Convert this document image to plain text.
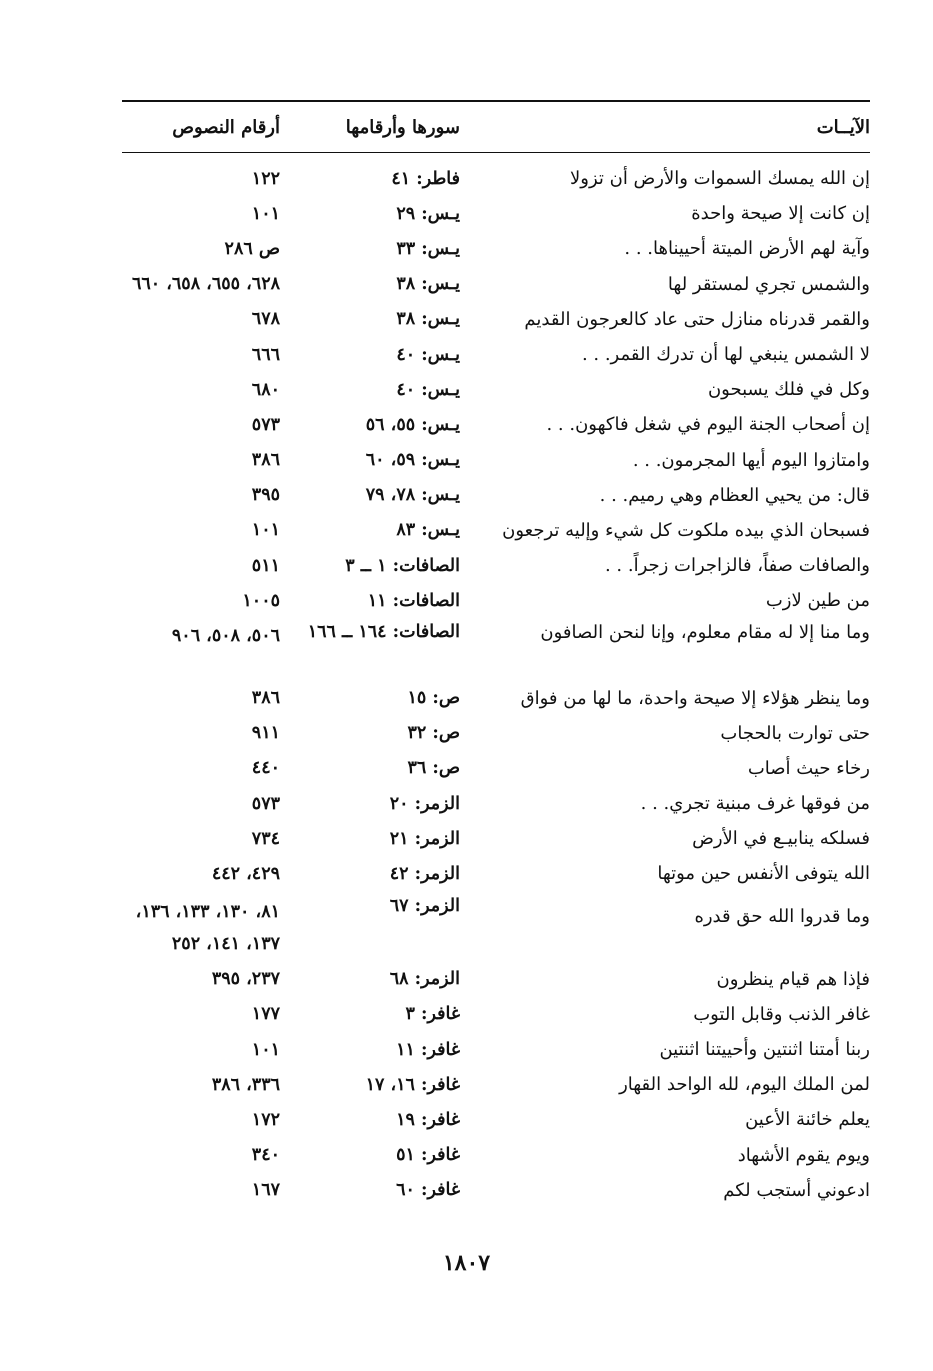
الآيــات
سورها وأرقامها
أرقام النصوص
إن الله يمسك السموات والأرض أن تزولا
فاطر: ٤١
١٢٢
إن كانت إلا صيحة واحدة
يـس: ٢٩
١٠١
وآية لهم الأرض الميتة أحييناها. . .
يـس: ٣٣
ص ٢٨٦
والشمس تجري لمستقر لها
يـس: ٣٨
٦٢٨، ٦٥٥، ٦٥٨، ٦٦٠
والقمر قدرناه منازل حتى عاد كالعرجون القديم
يـس: ٣٨
٦٧٨
لا الشمس ينبغي لها أن تدرك القمر. . .
يـس: ٤٠
٦٦٦
وكل في فلك يسبحون
يـس: ٤٠
٦٨٠
إن أصحاب الجنة اليوم في شغل فاكهون. . .
يـس: ٥٥، ٥٦
٥٧٣
وامتازوا اليوم أيها المجرمون. . .
يـس: ٥٩، ٦٠
٣٨٦
قال: من يحيي العظام وهي رميم. . .
يـس: ٧٨، ٧٩
٣٩٥
فسبحان الذي بيده ملكوت كل شيء وإليه ترجعون
يـس: ٨٣
١٠١
والصافات صفاً، فالزاجرات زجراً. . .
الصافات: ١ ــ ٣
٥١١
من طين لازب
الصافات: ١١
١٠٠٥
وما منا إلا له مقام معلوم، وإنا لنحن الصافون
الصافات: ١٦٤ ــ ١٦٦
٥٠٦، ٥٠٨، ٩٠٦
وما ينظر هؤلاء إلا صيحة واحدة، ما لها من فواق
ص: ١٥
٣٨٦
حتى توارت بالحجاب
ص: ٣٢
٩١١
رخاء حيث أصاب
ص: ٣٦
٤٤٠
من فوقها غرف مبنية تجري. . .
الزمر: ٢٠
٥٧٣
فسلكه ينابيـع في الأرض
الزمر: ٢١
٧٣٤
الله يتوفى الأنفس حين موتها
الزمر: ٤٢
٤٢٩، ٤٤٢
وما قدروا الله حق قدره
الزمر: ٦٧
٨١، ١٣٠، ١٣٣، ١٣٦، ١٣٧، ١٤١، ٢٥٢
فإذا هم قيام ينظرون
الزمر: ٦٨
٢٣٧، ٣٩٥
غافر الذنب وقابل التوب
غافر: ٣
١٧٧
ربنا أمتنا اثنتين وأحييتنا اثنتين
غافر: ١١
١٠١
لمن الملك اليوم، لله الواحد القهار
غافر: ١٦، ١٧
٣٣٦، ٣٨٦
يعلم خائنة الأعين
غافر: ١٩
١٧٢
ويوم يقوم الأشهاد
غافر: ٥١
٣٤٠
ادعوني أستجب لكم
غافر: ٦٠
١٦٧
١٨٠٧
